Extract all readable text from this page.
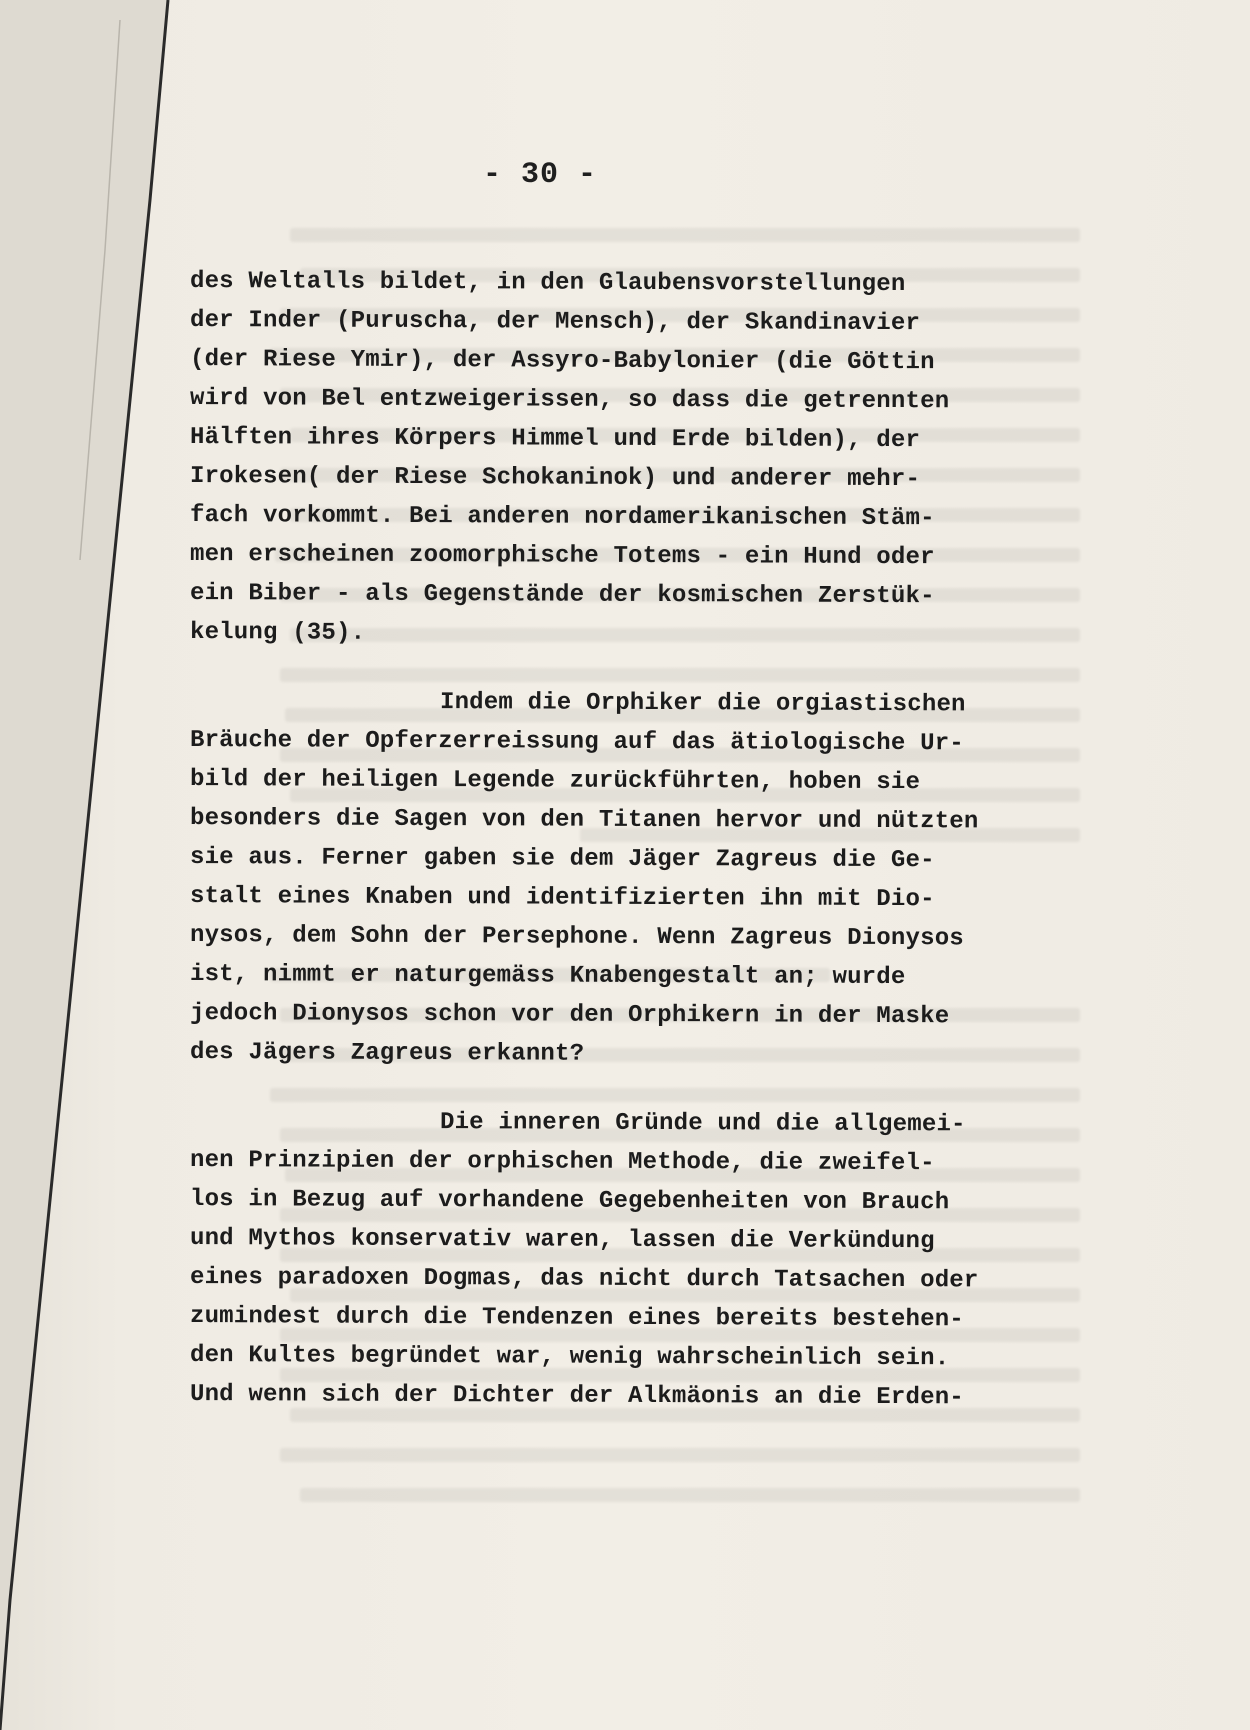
- 30 -
des Weltalls bildet, in den Glaubensvorstellungen
der Inder (Puruscha, der Mensch), der Skandinavier
(der Riese Ymir), der Assyro-Babylonier (die Göttin
wird von Bel entzweigerissen, so dass die getrennten
Hälften ihres Körpers Himmel und Erde bilden), der
Irokesen( der Riese Schokaninok) und anderer mehr-
fach vorkommt. Bei anderen nordamerikanischen Stäm-
men erscheinen zoomorphische Totems - ein Hund oder
ein Biber - als Gegenstände der kosmischen Zerstük-
kelung (35).
Indem die Orphiker die orgiastischen
Bräuche der Opferzerreissung auf das ätiologische Ur-
bild der heiligen Legende zurückführten, hoben sie
besonders die Sagen von den Titanen hervor und nützten
sie aus. Ferner gaben sie dem Jäger Zagreus die Ge-
stalt eines Knaben und identifizierten ihn mit Dio-
nysos, dem Sohn der Persephone. Wenn Zagreus Dionysos
ist, nimmt er naturgemäss Knabengestalt an; wurde
jedoch Dionysos schon vor den Orphikern in der Maske
des Jägers Zagreus erkannt?
Die inneren Gründe und die allgemei-
nen Prinzipien der orphischen Methode, die zweifel-
los in Bezug auf vorhandene Gegebenheiten von Brauch
und Mythos konservativ waren, lassen die Verkündung
eines paradoxen Dogmas, das nicht durch Tatsachen oder
zumindest durch die Tendenzen eines bereits bestehen-
den Kultes begründet war, wenig wahrscheinlich sein.
Und wenn sich der Dichter der Alkmäonis an die Erden-
